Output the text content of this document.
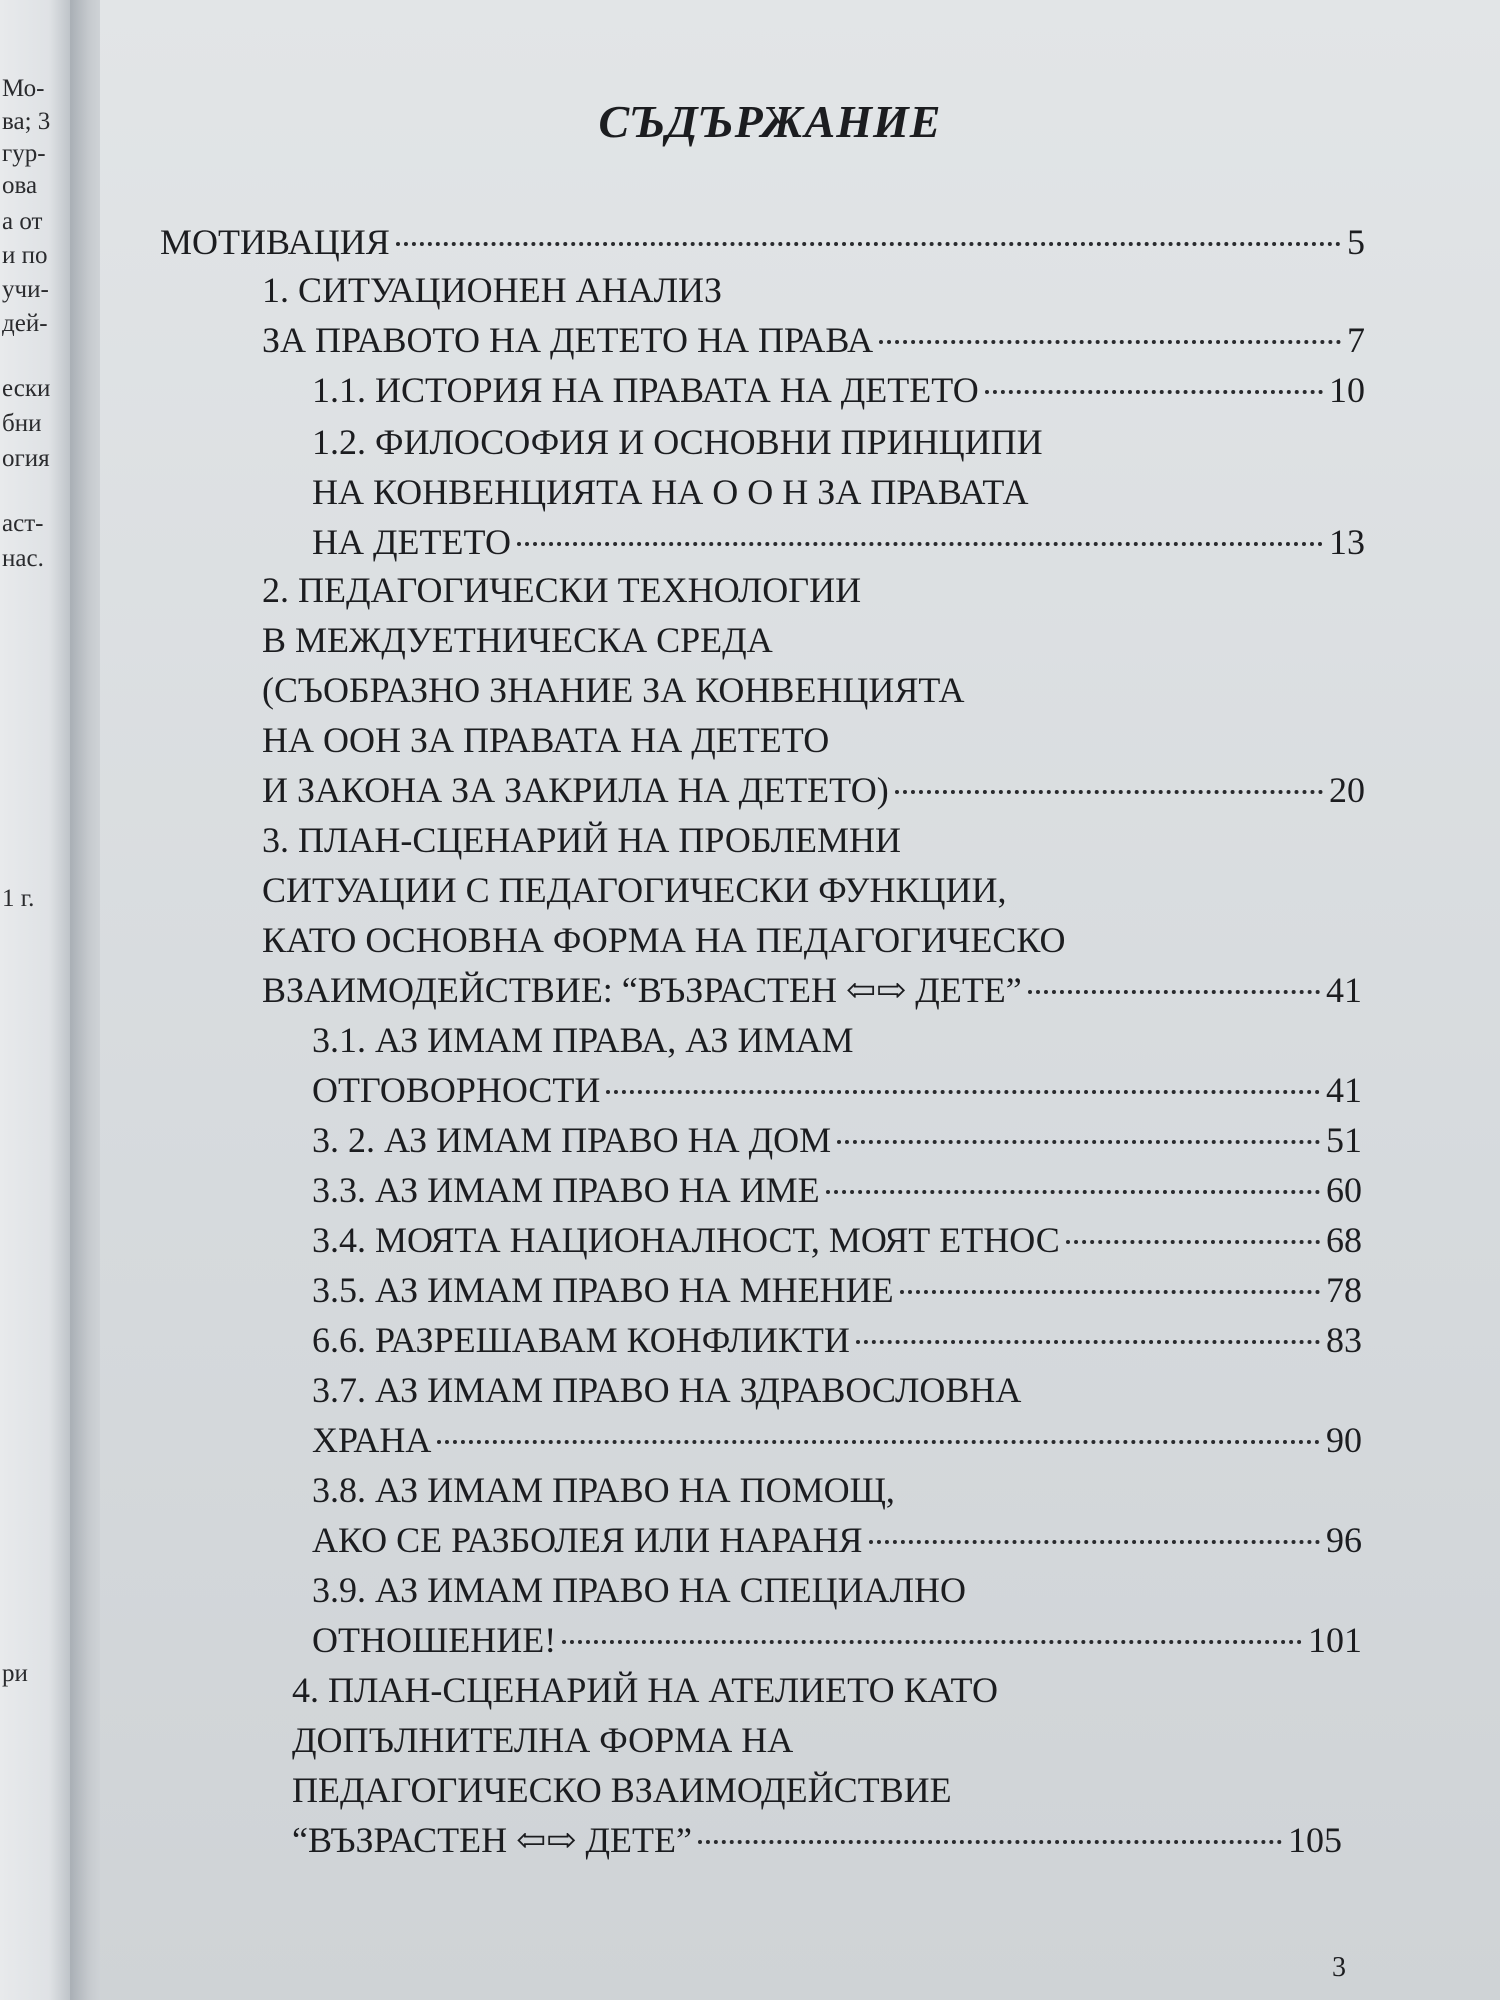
Мо-
ва; 3
гур-
ова
а от
и по
учи-
дей-
ески
бни
огия
аст-
нас.
1 г.
ри
СЪДЪРЖАНИЕ
МОТИВАЦИЯ	5
1. СИТУАЦИОНЕН АНАЛИЗ
ЗА ПРАВОТО НА ДЕТЕТО НА ПРАВА	7
1.1. ИСТОРИЯ НА ПРАВАТА НА ДЕТЕТО	10
1.2. ФИЛОСОФИЯ И ОСНОВНИ ПРИНЦИПИ
НА КОНВЕНЦИЯТА НА О О Н ЗА ПРАВАТА
НА ДЕТЕТО	13
2. ПЕДАГОГИЧЕСКИ ТЕХНОЛОГИИ
В МЕЖДУЕТНИЧЕСКА СРЕДА
(СЪОБРАЗНО ЗНАНИЕ ЗА КОНВЕНЦИЯТА
НА ООН ЗА ПРАВАТА НА ДЕТЕТО
И ЗАКОНА ЗА ЗАКРИЛА НА ДЕТЕТО)	20
3. ПЛАН-СЦЕНАРИЙ НА ПРОБЛЕМНИ
СИТУАЦИИ С ПЕДАГОГИЧЕСКИ ФУНКЦИИ,
КАТО ОСНОВНА ФОРМА НА ПЕДАГОГИЧЕСКО
ВЗАИМОДЕЙСТВИЕ: “ВЪЗРАСТЕН ⇦⇨ ДЕТЕ”	41
3.1. АЗ ИМАМ ПРАВА, АЗ ИМАМ
ОТГОВОРНОСТИ	41
3. 2. АЗ ИМАМ ПРАВО НА ДОМ	51
3.3. АЗ ИМАМ ПРАВО НА ИМЕ	60
3.4. МОЯТА НАЦИОНАЛНОСТ, МОЯТ ЕТНОС	68
3.5. АЗ ИМАМ ПРАВО НА МНЕНИЕ	78
6.6. РАЗРЕШАВАМ КОНФЛИКТИ	83
3.7. АЗ ИМАМ ПРАВО НА ЗДРАВОСЛОВНА
ХРАНА	90
3.8. АЗ ИМАМ ПРАВО НА ПОМОЩ,
АКО СЕ РАЗБОЛЕЯ ИЛИ НАРАНЯ	96
3.9. АЗ ИМАМ ПРАВО НА СПЕЦИАЛНО
ОТНОШЕНИЕ!	101
4. ПЛАН-СЦЕНАРИЙ НА АТЕЛИЕТО КАТО
ДОПЪЛНИТЕЛНА ФОРМА НА
ПЕДАГОГИЧЕСКО ВЗАИМОДЕЙСТВИЕ
“ВЪЗРАСТЕН ⇦⇨ ДЕТЕ”	105
3
